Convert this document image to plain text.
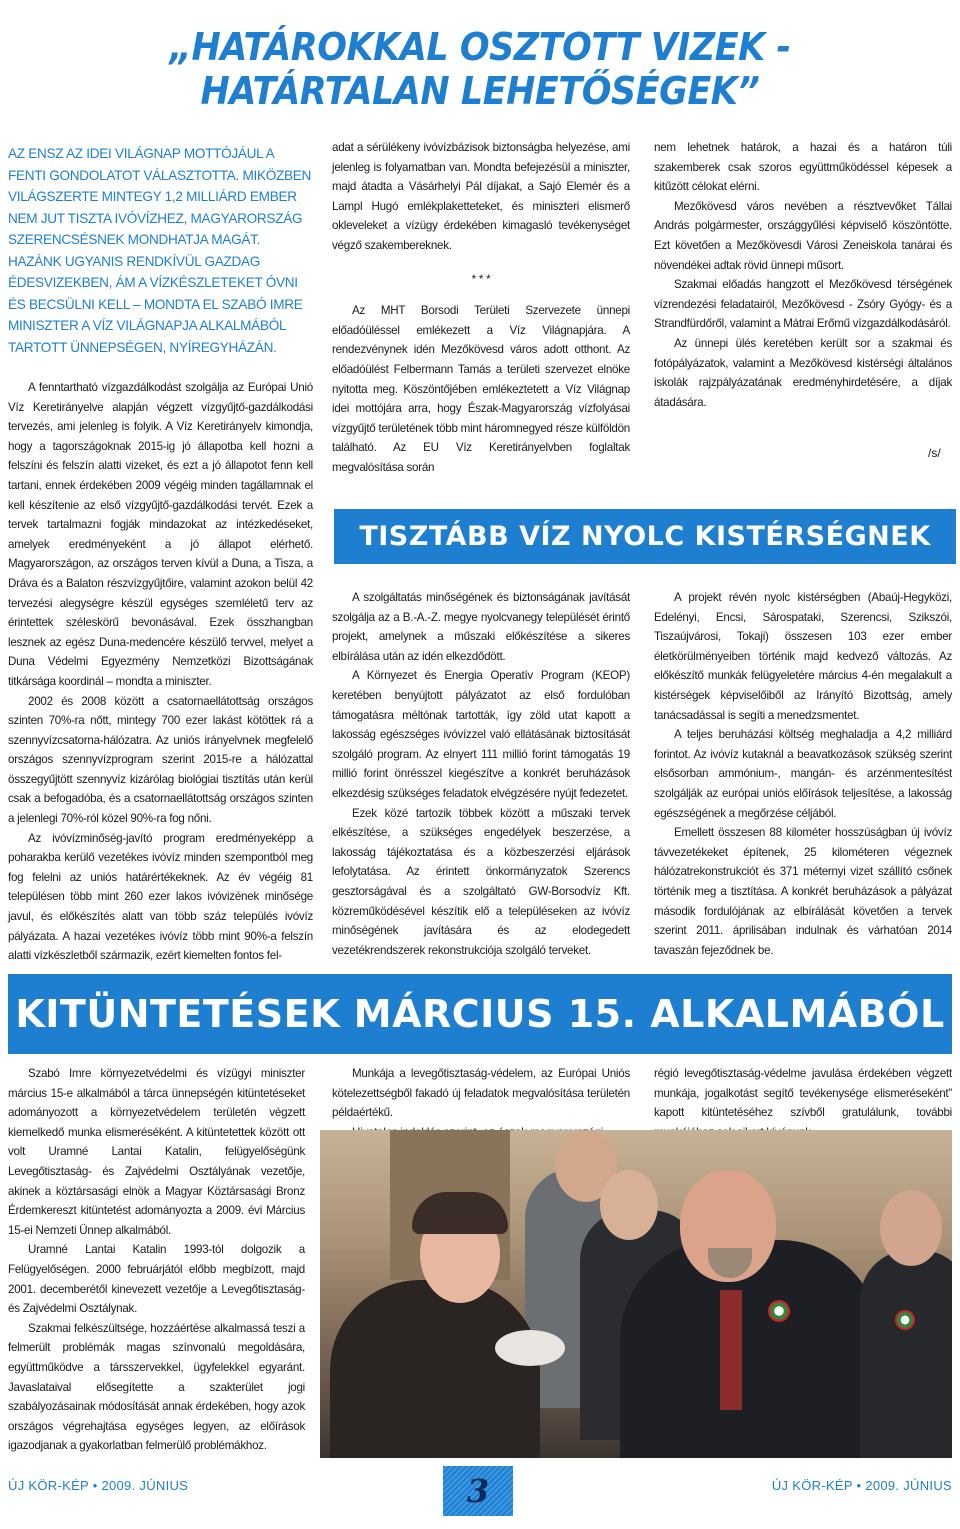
„HATÁROKKAL OSZTOTT VIZEK -
HATÁRTALAN LEHETŐSÉGEK”
AZ ENSZ AZ IDEI VILÁGNAP MOTTÓJÁUL A FENTI GONDOLATOT VÁLASZTOTTA. MIKÖZBEN VILÁGSZERTE MINTEGY 1,2 MILLIÁRD EMBER NEM JUT TISZTA IVÓVÍZHEZ, MAGYARORSZÁG SZERENCSÉSNEK MONDHATJA MAGÁT. HAZÁNK UGYANIS RENDKÍVÜL GAZDAG ÉDESVIZEKBEN, ÁM A VÍZKÉSZLETEKET ÓVNI ÉS BECSÜLNI KELL – MONDTA EL SZABÓ IMRE MINISZTER A VÍZ VILÁGNAPJA ALKALMÁBÓL TARTOTT ÜNNEPSÉGEN, NYÍREGYHÁZÁN.

A fenntartható vízgazdálkodást szolgálja az Európai Unió Víz Keretirányelve alapján végzett vízgyűjtő-gazdálkodási tervezés, ami jelenleg is folyik. A Víz Keretirányelv kimondja, hogy a tagországoknak 2015-ig jó állapotba kell hozni a felszíni és felszín alatti vizeket, és ezt a jó állapotot fenn kell tartani, ennek érdekében 2009 végéig minden tagállamnak el kell készítenie az első vízgyűjtő-gazdálkodási tervét. Ezek a tervek tartalmazni fogják mindazokat az intézkedéseket, amelyek eredményeként a jó állapot elérhető. Magyarországon, az országos terven kívül a Duna, a Tisza, a Dráva és a Balaton részvízgyűjtőire, valamint azokon belül 42 tervezési alegységre készül egységes szemléletű terv az érintettek széleskörű bevonásával. Ezek összhangban lesznek az egész Duna-medencére készülő tervvel, melyet a Duna Védelmi Egyezmény Nemzetközi Bizottságának titkársága koordinál – mondta a miniszter.

2002 és 2008 között a csatornaellátottság országos szinten 70%-ra nőtt, mintegy 700 ezer lakást kötöttek rá a szennyvízcsatorna-hálózatra. Az uniós irányelvnek megfelelő országos szennyvízprogram szerint 2015-re a hálózattal összegyűjtött szennyvíz kizárólag biológiai tisztítás után kerül csak a befogadóba, és a csatornaellátottság országos szinten a jelenlegi 70%-ról közel 90%-ra fog nőni.

Az ivóvízminőség-javító program eredményeképp a poharakba kerülő vezetékes ivóvíz minden szempontból meg fog felelni az uniós határértékeknek. Az év végéig 81 településen több mint 260 ezer lakos ivóvizének minősége javul, és előkészítés alatt van több száz település ivóvíz pályázata. A hazai vezetékes ivóvíz több mint 90%-a felszín alatti vízkészletből származik, ezért kiemelten fontos fel-

adat a sérülékeny ivóvízbázisok biztonságba helyezése, ami jelenleg is folyamatban van. Mondta befejezésül a miniszter, majd átadta a Vásárhelyi Pál díjakat, a Sajó Elemér és a Lampl Hugó emlékplaketteteket, és miniszteri elismerő okleveleket a vízügy érdekében kimagasló tevékenységet végző szakembereknek.

* * *

Az MHT Borsodi Területi Szervezete ünnepi előadóüléssel emlékezett a Víz Világnapjára. A rendezvénynek idén Mezőkövesd város adott otthont. Az előadóülést Felbermann Tamás a területi szervezet elnöke nyitotta meg. Köszöntőjében emlékeztetett a Víz Világnap idei mottójára arra, hogy Észak-Magyarország vízfolyásai vízgyűjtő területének több mint háromnegyed része külföldön található. Az EU Víz Keretirányelvben foglaltak megvalósítása során

nem lehetnek határok, a hazai és a határon túli szakemberek csak szoros együttműködéssel képesek a kitűzött célokat elérni.

Mezőkövesd város nevében a résztvevőket Tállai András polgármester, országgyűlési képviselő köszöntötte. Ezt követően a Mezőkövesdi Városi Zeneiskola tanárai és növendékei adtak rövid ünnepi műsort.

Szakmai előadás hangzott el Mezőkövesd térségének vízrendezési feladatairól, Mezőkövesd - Zsóry Gyógy- és a Strandfürdőről, valamint a Mátrai Erőmű vízgazdálkodásáról.

Az ünnepi ülés keretében került sor a szakmai és fotópályázatok, valamint a Mezőkövesd kistérségi általános iskolák rajzpályázatának eredményhirdetésére, a díjak átadására.

/s/
TISZTÁBB VÍZ NYOLC KISTÉRSÉGNEK

A szolgáltatás minőségének és biztonságának javítását szolgálja az a B.-A.-Z. megye nyolcvanegy települését érintő projekt, amelynek a műszaki előkészítése a sikeres elbírálása után az idén elkezdődött.

A Környezet és Energia Operatív Program (KEOP) keretében benyújtott pályázatot az első fordulóban támogatásra méltónak tartották, így zöld utat kapott a lakosság egészséges ivóvízzel való ellátásának biztosítását szolgáló program. Az elnyert 111 millió forint támogatás 19 millió forint önrésszel kiegészítve a konkrét beruházások elkezdésig szükséges feladatok elvégzésére nyújt fedezetet.

Ezek közé tartozik többek között a műszaki tervek elkészítése, a szükséges engedélyek beszerzése, a lakosság tájékoztatása és a közbeszerzési eljárások lefolytatása. Az érintett önkormányzatok Szerencs gesztorságával és a szolgáltató GW-Borsodvíz Kft. közreműködésével készítik elő a településeken az ivóvíz minőségének javítására és az elodegedett vezetékrendszerek rekonstrukciója szolgáló terveket.

A projekt révén nyolc kistérségben (Abaúj-Hegyközi, Edelényi, Encsi, Sárospataki, Szerencsi, Szikszói, Tiszaújvárosi, Tokaji) összesen 103 ezer ember életkörülményeiben történik majd kedvező változás. Az előkészítő munkák felügyeletére március 4-én megalakult a kistérségek képviselőiből az Irányító Bizottság, amely tanácsadással is segíti a menedzsmentet.

A teljes beruházási költség meghaladja a 4,2 milliárd forintot. Az ivóvíz kutaknál a beavatkozások szükség szerint elsősorban ammónium-, mangán- és arzénmentesítést szolgálják az európai uniós előírások teljesítése, a lakosság egészségének a megőrzése céljából.

Emellett összesen 88 kilométer hosszúságban új ivóvíz távvezetékeket építenek, 25 kilométeren végeznek hálózatrekonstrukciót és 371 méternyi vizet szállító csőnek történik meg a tisztítása. A konkrét beruházások a pályázat második fordulójának az elbírálását követően a tervek szerint 2011. áprilisában indulnak és várhatóan 2014 tavaszán fejeződnek be.

KITÜNTETÉSEK MÁRCIUS 15. ALKALMÁBÓL

Szabó Imre környezetvédelmi és vízügyi miniszter március 15-e alkalmából a tárca ünnepségén kitüntetéseket adományozott a környezetvédelem területén végzett kiemelkedő munka elismeréséként. A kitüntetettek között ott volt Uramné Lantai Katalin, felügyelőségünk Levegőtisztaság- és Zajvédelmi Osztályának vezetője, akinek a köztársasági elnök a Magyar Köztársasági Bronz Érdemkereszt kitüntetést adományozta a 2009. évi Március 15-ei Nemzeti Ünnep alkalmából.

Uramné Lantai Katalin 1993-tól dolgozik a Felügyelőségen. 2000 februárjától előbb megbízott, majd 2001. decemberétől kinevezett vezetője a Levegőtisztaság- és Zajvédelmi Osztálynak.

Szakmai felkészültsége, hozzáértése alkalmassá teszi a felmerült problémák magas színvonalú megoldására, együttműködve a társszervekkel, ügyfelekkel egyaránt. Javaslataival elősegítette a szakterület jogi szabályozásainak módosítását annak érdekében, hogy azok országos végrehajtása egységes legyen, az előírások igazodjanak a gyakorlatban felmerülő problémákhoz.

Munkája a levegőtisztaság-védelem, az Európai Uniós kötelezettségből fakadó új feladatok megvalósítása területén példaértékű.

régió levegőtisztaság-védelme javulása érdekében végzett munkája, jogalkotást segítő tevékenysége elismeréseként” kapott kitüntetéséhez szívből gratulálunk, további

ÚJ KÖR-KÉP • 2009. JÚNIUS	3	ÚJ KÖR-KÉP • 2009. JÚNIUS
